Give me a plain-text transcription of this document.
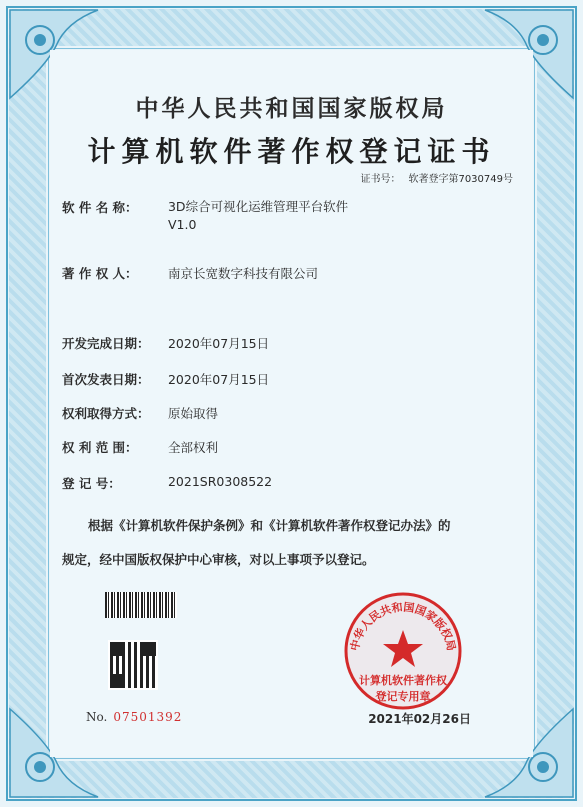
中华人民共和国国家版权局
计算机软件著作权登记证书
证书号： 软著登字第7030749号
软 件 名 称： 3D综合可视化运维管理平台软件
V1.0
著 作 权 人： 南京长宽数字科技有限公司
开发完成日期： 2020年07月15日
首次发表日期： 2020年07月15日
权利取得方式： 原始取得
权 利 范 围： 全部权利
登 记 号：	2021SR0308522
根据《计算机软件保护条例》和《计算机软件著作权登记办法》的
规定，经中国版权保护中心审核，对以上事项予以登记。
No. 07501392
中华人民共和国国家版权局
计算机软件著作权
登记专用章
2021年02月26日
